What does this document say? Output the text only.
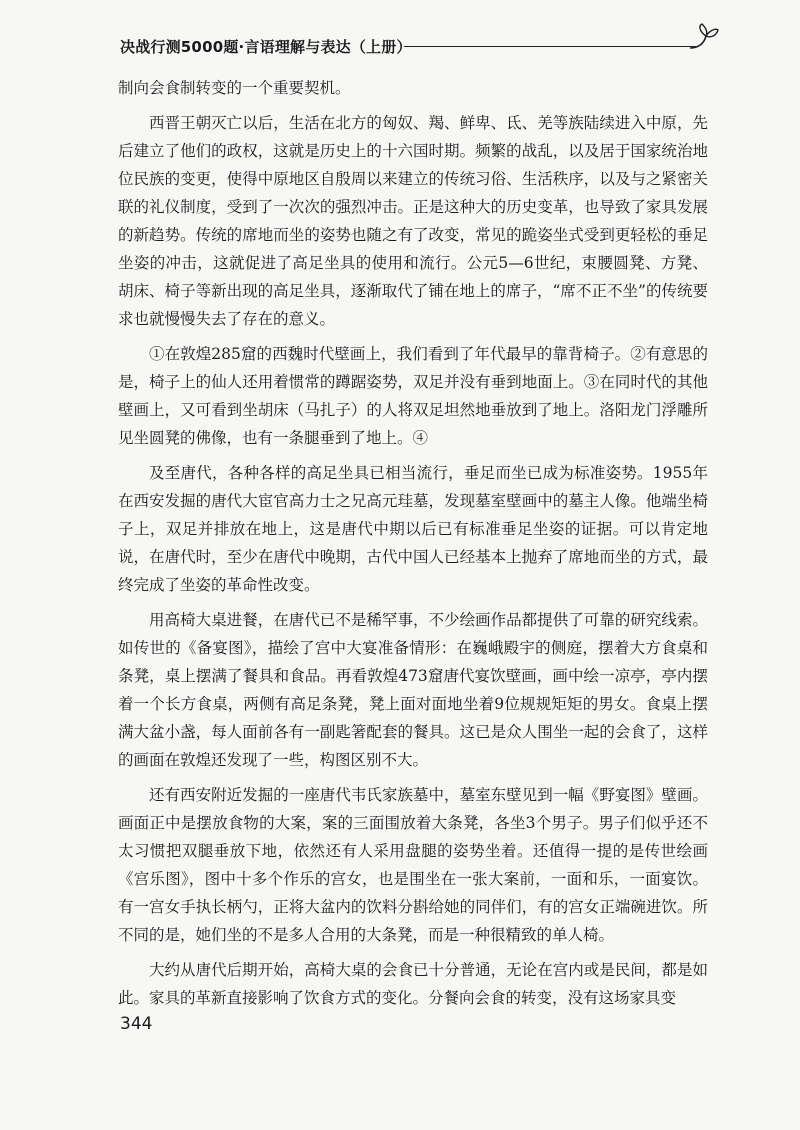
决战行测5000题·言语理解与表达（上册）

制向会食制转变的一个重要契机。

西晋王朝灭亡以后，生活在北方的匈奴、羯、鲜卑、氐、羌等族陆续进入中原，先后建立了他们的政权，这就是历史上的十六国时期。频繁的战乱，以及居于国家统治地位民族的变更，使得中原地区自殷周以来建立的传统习俗、生活秩序，以及与之紧密关联的礼仪制度，受到了一次次的强烈冲击。正是这种大的历史变革，也导致了家具发展的新趋势。传统的席地而坐的姿势也随之有了改变，常见的跪姿坐式受到更轻松的垂足坐姿的冲击，这就促进了高足坐具的使用和流行。公元5—6世纪，束腰圆凳、方凳、胡床、椅子等新出现的高足坐具，逐渐取代了铺在地上的席子，“席不正不坐”的传统要求也就慢慢失去了存在的意义。

①在敦煌285窟的西魏时代壁画上，我们看到了年代最早的靠背椅子。②有意思的是，椅子上的仙人还用着惯常的蹲踞姿势，双足并没有垂到地面上。③在同时代的其他壁画上，又可看到坐胡床（马扎子）的人将双足坦然地垂放到了地上。洛阳龙门浮雕所见坐圆凳的佛像，也有一条腿垂到了地上。④

及至唐代，各种各样的高足坐具已相当流行，垂足而坐已成为标准姿势。1955年在西安发掘的唐代大宦官高力士之兄高元珪墓，发现墓室壁画中的墓主人像。他端坐椅子上，双足并排放在地上，这是唐代中期以后已有标准垂足坐姿的证据。可以肯定地说，在唐代时，至少在唐代中晚期，古代中国人已经基本上抛弃了席地而坐的方式，最终完成了坐姿的革命性改变。

用高椅大桌进餐，在唐代已不是稀罕事，不少绘画作品都提供了可靠的研究线索。如传世的《备宴图》，描绘了宫中大宴准备情形：在巍峨殿宇的侧庭，摆着大方食桌和条凳，桌上摆满了餐具和食品。再看敦煌473窟唐代宴饮壁画，画中绘一凉亭，亭内摆着一个长方食桌，两侧有高足条凳，凳上面对面地坐着9位规规矩矩的男女。食桌上摆满大盆小盏，每人面前各有一副匙箸配套的餐具。这已是众人围坐一起的会食了，这样的画面在敦煌还发现了一些，构图区别不大。

还有西安附近发掘的一座唐代韦氏家族墓中，墓室东壁见到一幅《野宴图》壁画。画面正中是摆放食物的大案，案的三面围放着大条凳，各坐3个男子。男子们似乎还不太习惯把双腿垂放下地，依然还有人采用盘腿的姿势坐着。还值得一提的是传世绘画《宫乐图》，图中十多个作乐的宫女，也是围坐在一张大案前，一面和乐，一面宴饮。有一宫女手执长柄勺，正将大盆内的饮料分斟给她的同伴们，有的宫女正端碗进饮。所不同的是，她们坐的不是多人合用的大条凳，而是一种很精致的单人椅。

大约从唐代后期开始，高椅大桌的会食已十分普通，无论在宫内或是民间，都是如此。家具的革新直接影响了饮食方式的变化。分餐向会食的转变，没有这场家具变

344
